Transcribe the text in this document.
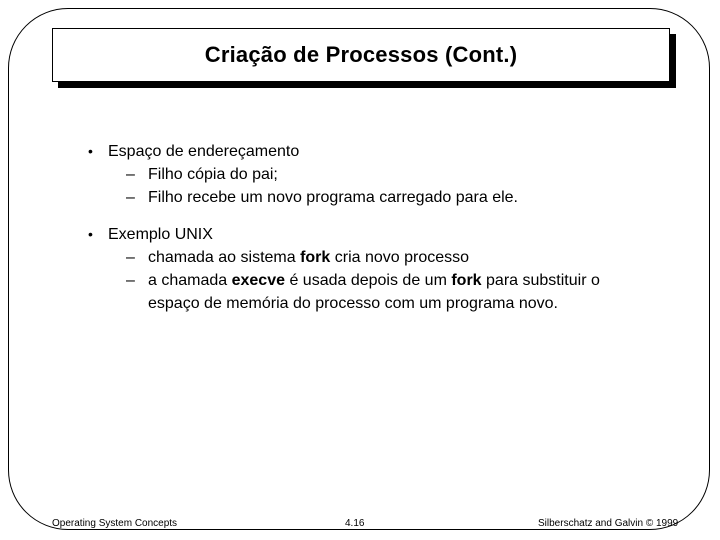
Criação de Processos (Cont.)
• Espaço de endereçamento
– Filho cópia do pai;
– Filho recebe um novo programa carregado para ele.
• Exemplo UNIX
– chamada ao sistema fork cria novo processo
– a chamada execve é usada depois de um fork para substituir o espaço de memória do processo com um programa novo.
Operating System Concepts	4.16	Silberschatz and Galvin © 1999
